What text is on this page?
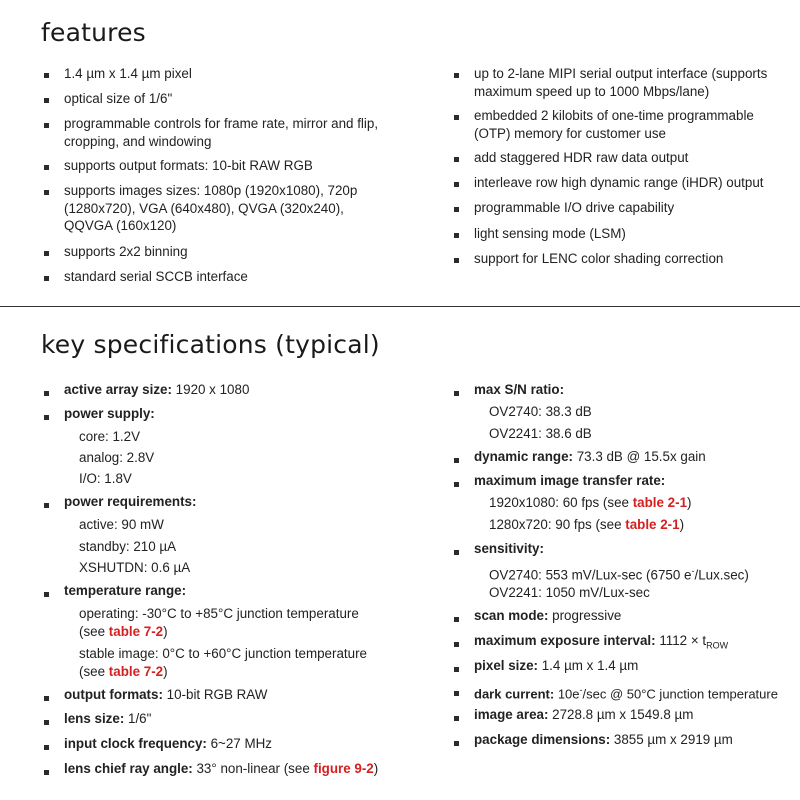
features
1.4 µm x 1.4 µm pixel
optical size of 1/6"
programmable controls for frame rate, mirror and flip,
cropping, and windowing
supports output formats: 10-bit RAW RGB
supports images sizes: 1080p (1920x1080), 720p
(1280x720), VGA (640x480), QVGA (320x240),
QQVGA (160x120)
supports 2x2 binning
standard serial SCCB interface
up to 2-lane MIPI serial output interface (supports
maximum speed up to 1000 Mbps/lane)
embedded 2 kilobits of one-time programmable
(OTP) memory for customer use
add staggered HDR raw data output
interleave row high dynamic range (iHDR) output
programmable I/O drive capability
light sensing mode (LSM)
support for LENC color shading correction
key specifications (typical)
active array size: 1920 x 1080
power supply:
core: 1.2V
analog: 2.8V
I/O: 1.8V
power requirements:
active: 90 mW
standby: 210 µA
XSHUTDN: 0.6 µA
temperature range:
operating: -30°C to +85°C junction temperature
(see table 7-2)
stable image: 0°C to +60°C junction temperature
(see table 7-2)
output formats: 10-bit RGB RAW
lens size: 1/6"
input clock frequency: 6~27 MHz
lens chief ray angle: 33° non-linear (see figure 9-2)
max S/N ratio:
OV2740: 38.3 dB
OV2241: 38.6 dB
dynamic range: 73.3 dB @ 15.5x gain
maximum image transfer rate:
1920x1080: 60 fps (see table 2-1)
1280x720: 90 fps (see table 2-1)
sensitivity:
OV2740: 553 mV/Lux-sec (6750 e-/Lux.sec)
OV2241: 1050 mV/Lux-sec
scan mode: progressive
maximum exposure interval: $1112 \times t_{ROW}$
pixel size: 1.4 µm x 1.4 µm
dark current: 10e-/sec @ 50°C junction temperature
image area: 2728.8 µm x 1549.8 µm
package dimensions: 3855 µm x 2919 µm
